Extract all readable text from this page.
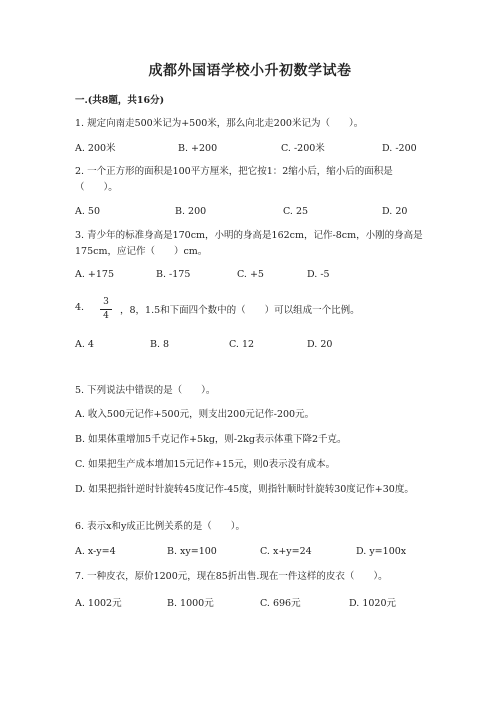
成都外国语学校小升初数学试卷
一.(共8题，共16分)
1. 规定向南走500米记为+500米，那么向北走200米记为（　　）。
A. 200米	B. +200	C. -200米	D. -200
2. 一个正方形的面积是100平方厘米，把它按1：2缩小后，缩小后的面积是（　　）。
A. 50	B. 200	C. 25	D. 20
3. 青少年的标准身高是170cm，小明的身高是162cm，记作-8cm，小刚的身高是175cm，应记作（　　）cm。
A. +175	B. -175	C. +5	D. -5
4.	3
4	，8，1.5和下面四个数中的（　　）可以组成一个比例。
A. 4	B. 8	C. 12	D. 20
5. 下列说法中错误的是（　　）。
A. 收入500元记作+500元，则支出200元记作-200元。
B. 如果体重增加5千克记作+5kg，则-2kg表示体重下降2千克。
C. 如果把生产成本增加15元记作+15元，则0表示没有成本。
D. 如果把指针逆时针旋转45度记作-45度，则指针顺时针旋转30度记作+30度。
6. 表示x和y成正比例关系的是（　　）。
A. x-y=4	B. xy=100	C. x+y=24	D. y=100x
7. 一种皮衣，原价1200元，现在85折出售.现在一件这样的皮衣（　　）。
A. 1002元	B. 1000元	C. 696元	D. 1020元
